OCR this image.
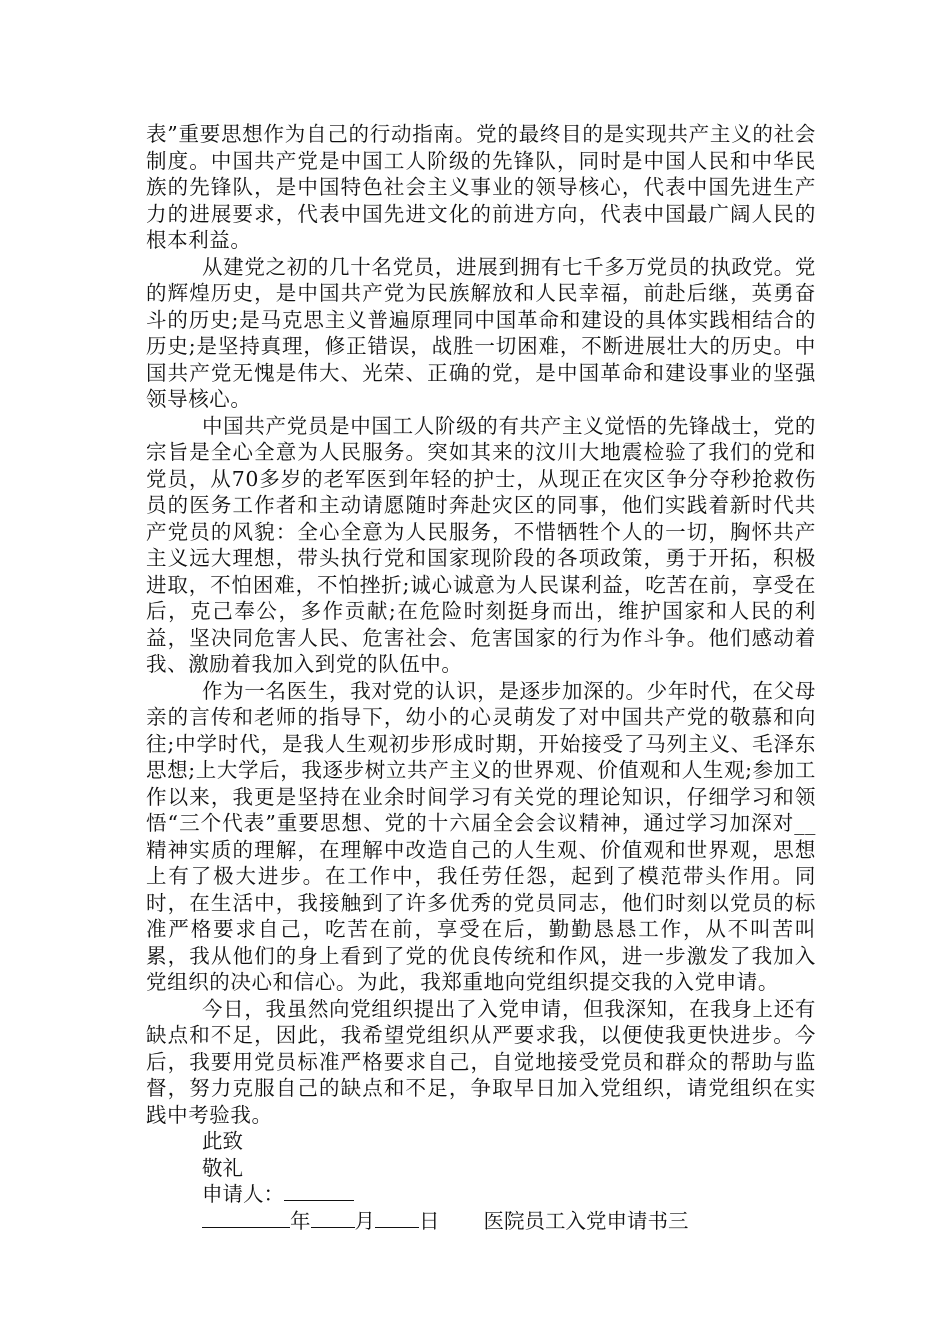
表”重要思想作为自己的行动指南。党的最终目的是实现共产主义的社会制度。中国共产党是中国工人阶级的先锋队，同时是中国人民和中华民族的先锋队，是中国特色社会主义事业的领导核心，代表中国先进生产力的进展要求，代表中国先进文化的前进方向，代表中国最广阔人民的根本利益。

从建党之初的几十名党员，进展到拥有七千多万党员的执政党。党的辉煌历史，是中国共产党为民族解放和人民幸福，前赴后继，英勇奋斗的历史;是马克思主义普遍原理同中国革命和建设的具体实践相结合的历史;是坚持真理，修正错误，战胜一切困难，不断进展壮大的历史。中国共产党无愧是伟大、光荣、正确的党，是中国革命和建设事业的坚强领导核心。

中国共产党员是中国工人阶级的有共产主义觉悟的先锋战士，党的宗旨是全心全意为人民服务。突如其来的汶川大地震检验了我们的党和党员，从70多岁的老军医到年轻的护士，从现正在灾区争分夺秒抢救伤员的医务工作者和主动请愿随时奔赴灾区的同事，他们实践着新时代共产党员的风貌：全心全意为人民服务，不惜牺牲个人的一切，胸怀共产主义远大理想，带头执行党和国家现阶段的各项政策，勇于开拓，积极进取，不怕困难，不怕挫折;诚心诚意为人民谋利益，吃苦在前，享受在后，克己奉公，多作贡献;在危险时刻挺身而出，维护国家和人民的利益，坚决同危害人民、危害社会、危害国家的行为作斗争。他们感动着我、激励着我加入到党的队伍中。

作为一名医生，我对党的认识，是逐步加深的。少年时代，在父母亲的言传和老师的指导下，幼小的心灵萌发了对中国共产党的敬慕和向往;中学时代，是我人生观初步形成时期，开始接受了马列主义、毛泽东思想;上大学后，我逐步树立共产主义的世界观、价值观和人生观;参加工作以来，我更是坚持在业余时间学习有关党的理论知识，仔细学习和领悟“三个代表”重要思想、党的十六届全会会议精神，通过学习加深对__精神实质的理解，在理解中改造自己的人生观、价值观和世界观，思想上有了极大进步。在工作中，我任劳任怨，起到了模范带头作用。同时，在生活中，我接触到了许多优秀的党员同志，他们时刻以党员的标准严格要求自己，吃苦在前，享受在后，勤勤恳恳工作，从不叫苦叫累，我从他们的身上看到了党的优良传统和作风，进一步激发了我加入党组织的决心和信心。为此，我郑重地向党组织提交我的入党申请。

今日，我虽然向党组织提出了入党申请，但我深知，在我身上还有缺点和不足，因此，我希望党组织从严要求我，以便使我更快进步。今后，我要用党员标准严格要求自己，自觉地接受党员和群众的帮助与监督，努力克服自己的缺点和不足，争取早日加入党组织，请党组织在实践中考验我。

此致

敬礼

申请人：

年 月 日 医院员工入党申请书三
